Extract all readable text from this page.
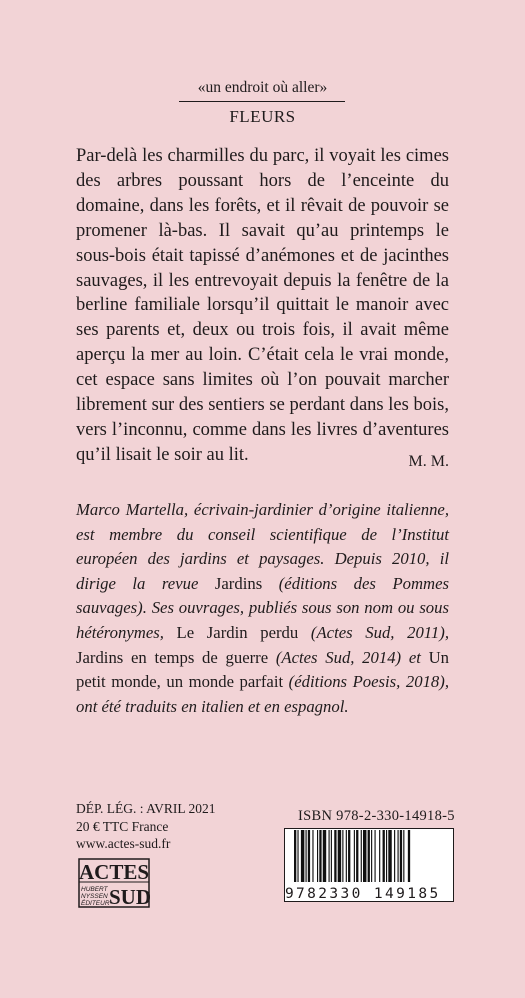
«un endroit où aller»
FLEURS
Par-delà les charmilles du parc, il voyait les cimes des arbres poussant hors de l’enceinte du domaine, dans les forêts, et il rêvait de pouvoir se promener là-bas. Il savait qu’au printemps le sous-bois était tapissé d’anémones et de jacinthes sauvages, il les entrevoyait depuis la fenêtre de la berline familiale lorsqu’il quittait le manoir avec ses parents et, deux ou trois fois, il avait même aperçu la mer au loin. C’était cela le vrai monde, cet espace sans limites où l’on pouvait marcher librement sur des sentiers se perdant dans les bois, vers l’inconnu, comme dans les livres d’aventures qu’il lisait le soir au lit.	M. M.
Marco Martella, écrivain-jardinier d’origine italienne, est membre du conseil scientifique de l’Institut européen des jardins et paysages. Depuis 2010, il dirige la revue Jardins (éditions des Pommes sauvages). Ses ouvrages, publiés sous son nom ou sous hétéronymes, Le Jardin perdu (Actes Sud, 2011), Jardins en temps de guerre (Actes Sud, 2014) et Un petit monde, un monde parfait (éditions Poesis, 2018), ont été traduits en italien et en espagnol.
DÉP. LÉG. : AVRIL 2021
20 € TTC France
www.actes-sud.fr
ACTES
HUBERT
NYSSEN
ÉDITEUR SUD
ISBN 978-2-330-14918-5
9 782330 149185
